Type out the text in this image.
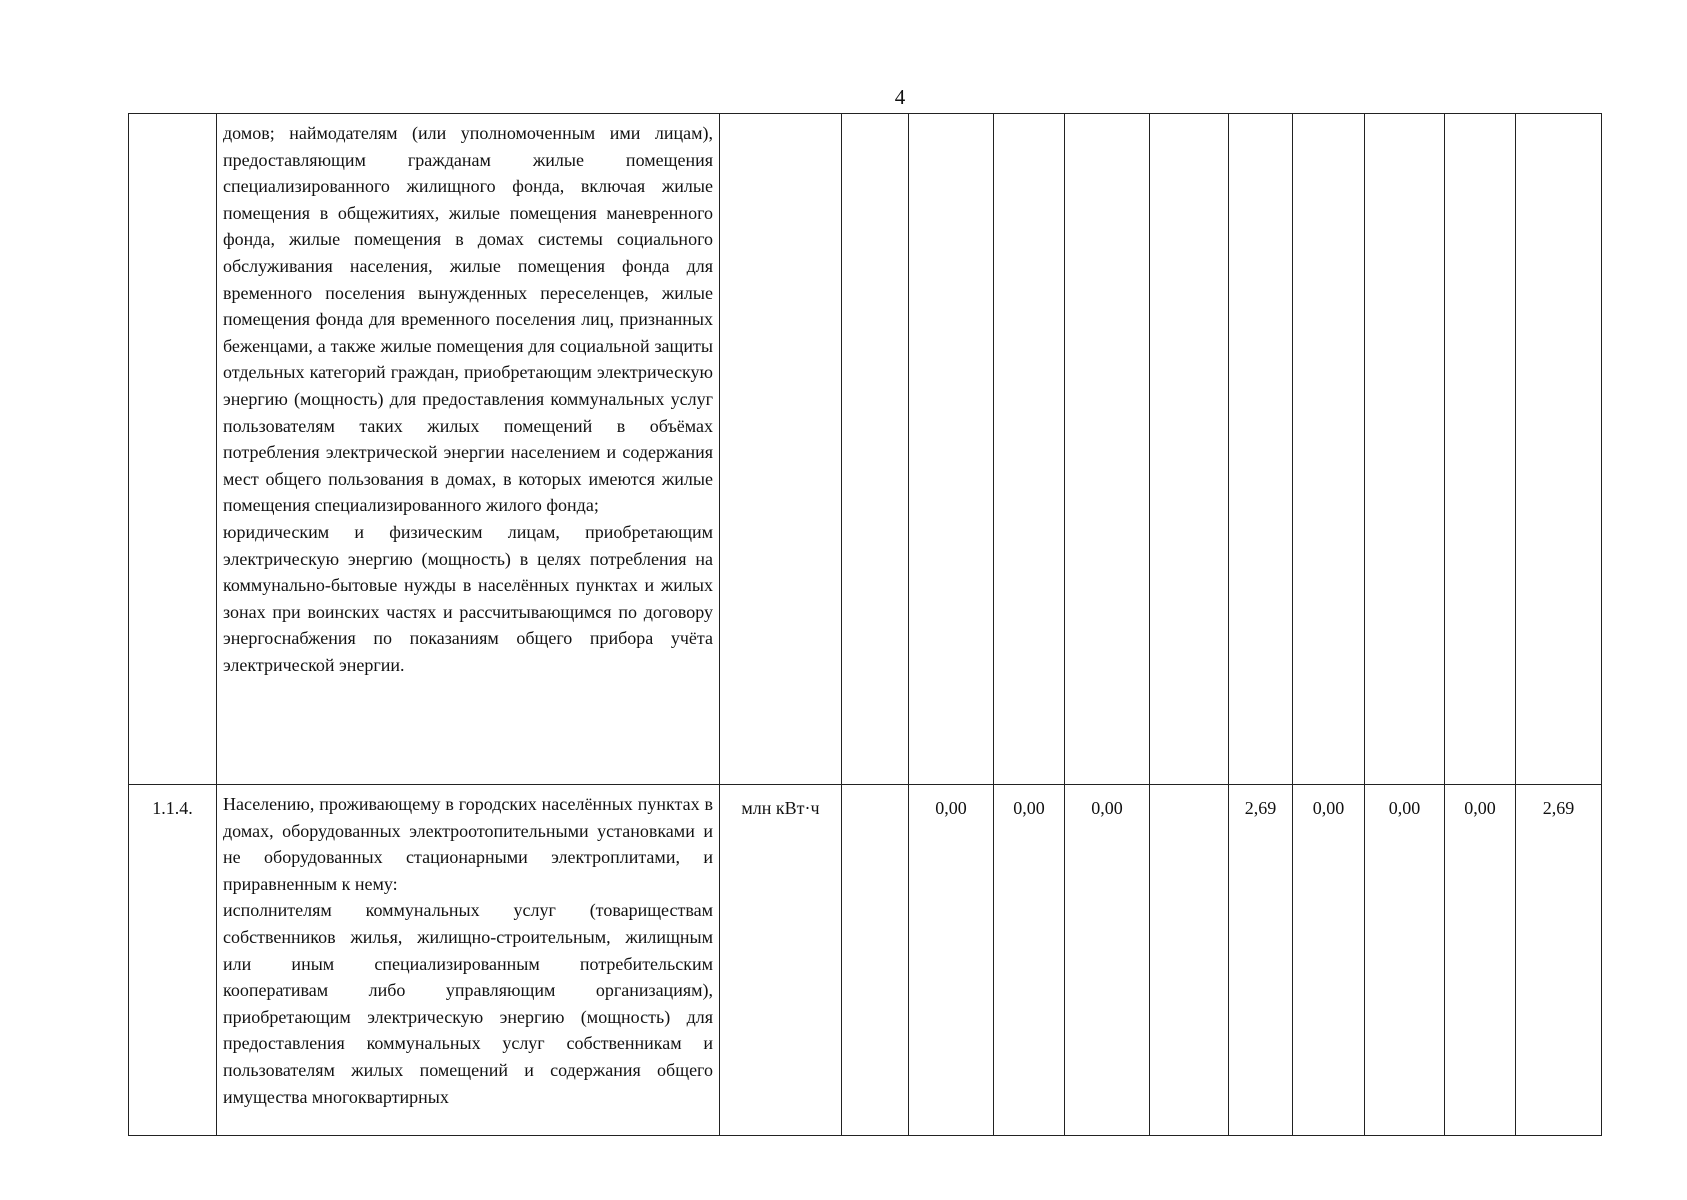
4

	домов; наймодателям (или уполномоченным ими лицам), предоставляющим гражданам жилые помещения специализированного жилищного фонда, включая жилые помещения в общежитиях, жилые помещения маневренного фонда, жилые помещения в домах системы социального обслуживания населения, жилые помещения фонда для временного поселения вынужденных переселенцев, жилые помещения фонда для временного поселения лиц, признанных беженцами, а также жилые помещения для социальной защиты отдельных категорий граждан, приобретающим электрическую энергию (мощность) для предоставления коммунальных услуг пользователям таких жилых помещений в объёмах потребления электрической энергии населением и содержания мест общего пользования в домах, в которых имеются жилые помещения специализированного жилого фонда;

юридическим и физическим лицам, приобретающим электрическую энергию (мощность) в целях потребления на коммунально-бытовые нужды в населённых пунктах и жилых зонах при воинских частях и рассчитывающимся по договору энергоснабжения по показаниям общего прибора учёта электрической энергии.											

1.1.4.	Населению, проживающему в городских населённых пунктах в домах, оборудованных электроотопительными установками и не оборудованных стационарными электроплитами, и приравненным к нему:

исполнителям коммунальных услуг (товариществам собственников жилья, жилищно-строительным, жилищным или иным специализированным потребительским кооперативам либо управляющим организациям), приобретающим электрическую энергию (мощность) для предоставления коммунальных услуг собственникам и пользователям жилых помещений и содержания общего имущества многоквартирных	млн кВт·ч		0,00	0,00	0,00		2,69	0,00	0,00	0,00	2,69
